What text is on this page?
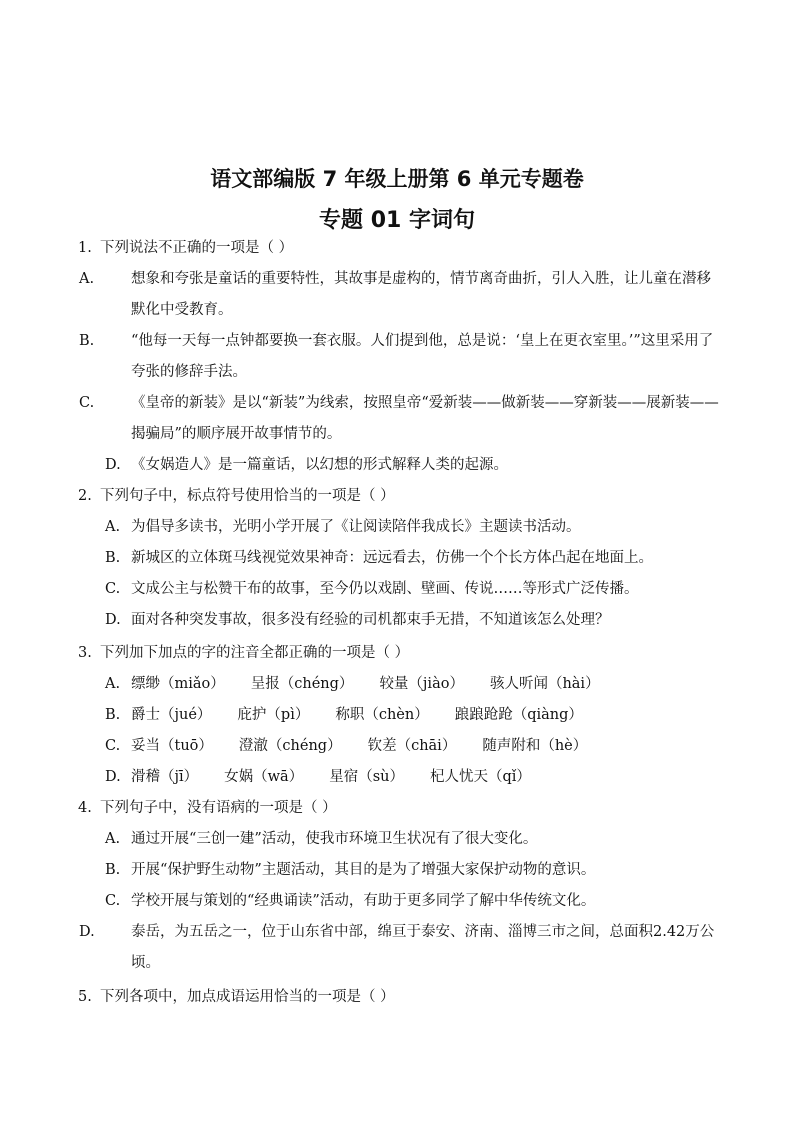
语文部编版 7 年级上册第 6 单元专题卷
专题 01 字词句
1. 下列说法不正确的一项是（ ）
A.	想象和夸张是童话的重要特性，其故事是虚构的，情节离奇曲折，引人入胜，让儿童在潜移默化中受教育。
B.	“他每一天每一点钟都要换一套衣服。人们提到他，总是说：‘皇上在更衣室里。’”这里采用了夸张的修辞手法。
C.	《皇帝的新装》是以“新装”为线索，按照皇帝“爱新装——做新装——穿新装——展新装——揭骗局”的顺序展开故事情节的。
D. 《女娲造人》是一篇童话，以幻想的形式解释人类的起源。
2. 下列句子中，标点符号使用恰当的一项是（ ）
A. 为倡导多读书，光明小学开展了《让阅读陪伴我成长》主题读书活动。
B. 新城区的立体斑马线视觉效果神奇：远远看去，仿佛一个个长方体凸起在地面上。
C. 文成公主与松赞干布的故事，至今仍以戏剧、壁画、传说……等形式广泛传播。
D. 面对各种突发事故，很多没有经验的司机都束手无措，不知道该怎么处理？
3. 下列加下加点的字的注音全都正确的一项是（ ）
A. 缥缈（miǎo） 呈报（chéng） 较量（jiào） 骇人听闻（hài）
B. 爵士（jué） 庇护（pì） 称职（chèn） 踉踉跄跄（qiàng）
C. 妥当（tuō） 澄澈（chéng） 钦差（chāi） 随声附和（hè）
D. 滑稽（jī） 女娲（wā） 星宿（sù） 杞人忧天（qǐ）
4. 下列句子中，没有语病的一项是（ ）
A. 通过开展“三创一建”活动，使我市环境卫生状况有了很大变化。
B. 开展“保护野生动物”主题活动，其目的是为了增强大家保护动物的意识。
C. 学校开展与策划的“经典诵读”活动，有助于更多同学了解中华传统文化。
D.	泰岳，为五岳之一，位于山东省中部，绵亘于泰安、济南、淄博三市之间，总面积2.42万公顷。
5. 下列各项中，加点成语运用恰当的一项是（ ）
